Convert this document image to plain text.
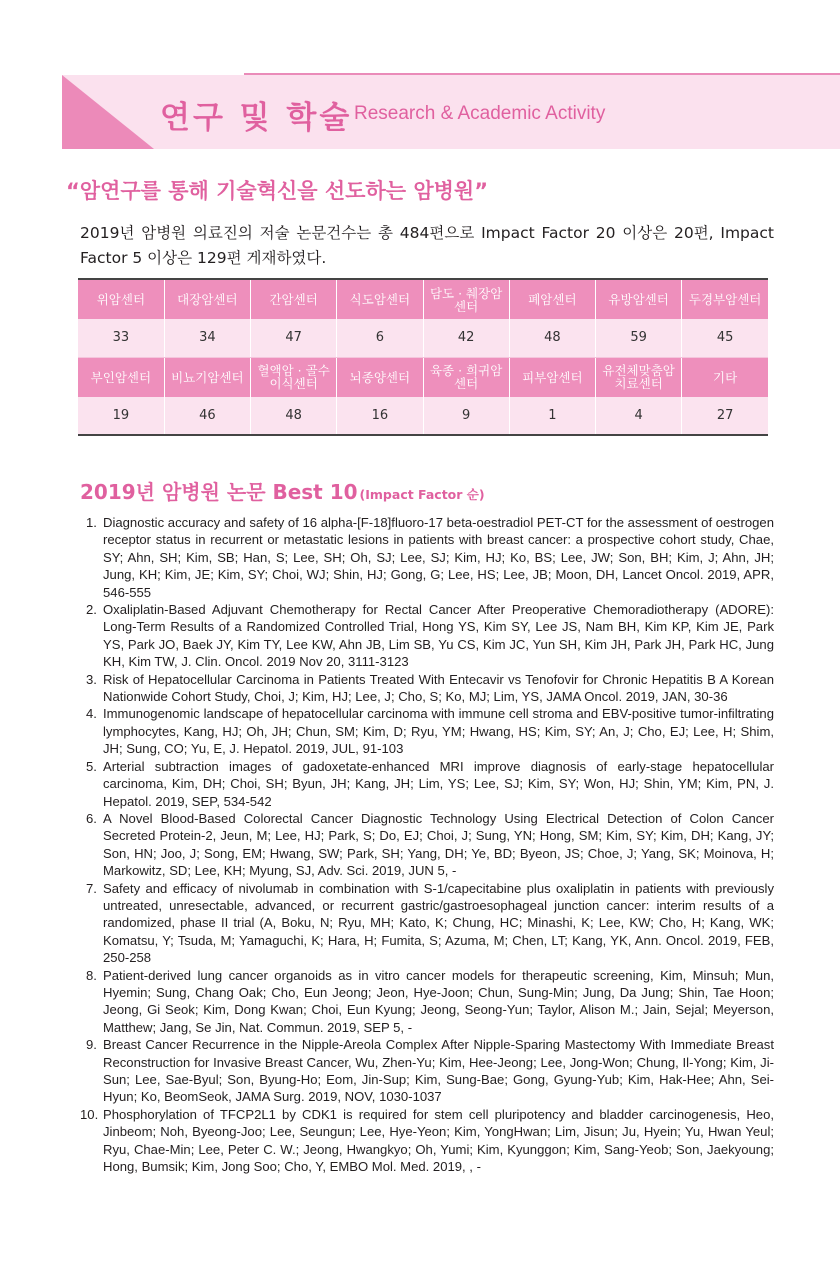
연구 및 학술 Research & Academic Activity
“암연구를 통해 기술혁신을 선도하는 암병원”

2019년 암병원 의료진의 저술 논문건수는 총 484편으로 Impact Factor 20 이상은 20편, Impact Factor 5 이상은 129편 게재하였다.

위암센터	대장암센터	간암센터	식도암센터	담도 · 췌장암 센터	폐암센터	유방암센터	두경부암센터
33	34	47	6	42	48	59	45
부인암센터	비뇨기암센터	혈액암 · 골수 이식센터	뇌종양센터	육종 · 희귀암 센터	피부암센터	유전체맞춤암 치료센터	기타
19	46	48	16	9	1	4	27
2019년 암병원 논문 Best 10 (Impact Factor 순)
1. Diagnostic accuracy and safety of 16 alpha-[F-18]fluoro-17 beta-oestradiol PET-CT for the assessment of oestrogen receptor status in recurrent or metastatic lesions in patients with breast cancer: a prospective cohort study, Chae, SY; Ahn, SH; Kim, SB; Han, S; Lee, SH; Oh, SJ; Lee, SJ; Kim, HJ; Ko, BS; Lee, JW; Son, BH; Kim, J; Ahn, JH; Jung, KH; Kim, JE; Kim, SY; Choi, WJ; Shin, HJ; Gong, G; Lee, HS; Lee, JB; Moon, DH, Lancet Oncol. 2019, APR, 546-555
2. Oxaliplatin-Based Adjuvant Chemotherapy for Rectal Cancer After Preoperative Chemoradiotherapy (ADORE): Long-Term Results of a Randomized Controlled Trial, Hong YS, Kim SY, Lee JS, Nam BH, Kim KP, Kim JE, Park YS, Park JO, Baek JY, Kim TY, Lee KW, Ahn JB, Lim SB, Yu CS, Kim JC, Yun SH, Kim JH, Park JH, Park HC, Jung KH, Kim TW, J. Clin. Oncol. 2019 Nov 20, 3111-3123
3. Risk of Hepatocellular Carcinoma in Patients Treated With Entecavir vs Tenofovir for Chronic Hepatitis B A Korean Nationwide Cohort Study, Choi, J; Kim, HJ; Lee, J; Cho, S; Ko, MJ; Lim, YS, JAMA Oncol. 2019, JAN, 30-36
4. Immunogenomic landscape of hepatocellular carcinoma with immune cell stroma and EBV-positive tumor-infiltrating lymphocytes, Kang, HJ; Oh, JH; Chun, SM; Kim, D; Ryu, YM; Hwang, HS; Kim, SY; An, J; Cho, EJ; Lee, H; Shim, JH; Sung, CO; Yu, E, J. Hepatol. 2019, JUL, 91-103
5. Arterial subtraction images of gadoxetate-enhanced MRI improve diagnosis of early-stage hepatocellular carcinoma, Kim, DH; Choi, SH; Byun, JH; Kang, JH; Lim, YS; Lee, SJ; Kim, SY; Won, HJ; Shin, YM; Kim, PN, J. Hepatol. 2019, SEP, 534-542
6. A Novel Blood-Based Colorectal Cancer Diagnostic Technology Using Electrical Detection of Colon Cancer Secreted Protein-2, Jeun, M; Lee, HJ; Park, S; Do, EJ; Choi, J; Sung, YN; Hong, SM; Kim, SY; Kim, DH; Kang, JY; Son, HN; Joo, J; Song, EM; Hwang, SW; Park, SH; Yang, DH; Ye, BD; Byeon, JS; Choe, J; Yang, SK; Moinova, H; Markowitz, SD; Lee, KH; Myung, SJ, Adv. Sci. 2019, JUN 5, -
7. Safety and efficacy of nivolumab in combination with S-1/capecitabine plus oxaliplatin in patients with previously untreated, unresectable, advanced, or recurrent gastric/gastroesophageal junction cancer: interim results of a randomized, phase II trial (A, Boku, N; Ryu, MH; Kato, K; Chung, HC; Minashi, K; Lee, KW; Cho, H; Kang, WK; Komatsu, Y; Tsuda, M; Yamaguchi, K; Hara, H; Fumita, S; Azuma, M; Chen, LT; Kang, YK, Ann. Oncol. 2019, FEB, 250-258
8. Patient-derived lung cancer organoids as in vitro cancer models for therapeutic screening, Kim, Minsuh; Mun, Hyemin; Sung, Chang Oak; Cho, Eun Jeong; Jeon, Hye-Joon; Chun, Sung-Min; Jung, Da Jung; Shin, Tae Hoon; Jeong, Gi Seok; Kim, Dong Kwan; Choi, Eun Kyung; Jeong, Seong-Yun; Taylor, Alison M.; Jain, Sejal; Meyerson, Matthew; Jang, Se Jin, Nat. Commun. 2019, SEP 5, -
9. Breast Cancer Recurrence in the Nipple-Areola Complex After Nipple-Sparing Mastectomy With Immediate Breast Reconstruction for Invasive Breast Cancer, Wu, Zhen-Yu; Kim, Hee-Jeong; Lee, Jong-Won; Chung, Il-Yong; Kim, Ji-Sun; Lee, Sae-Byul; Son, Byung-Ho; Eom, Jin-Sup; Kim, Sung-Bae; Gong, Gyung-Yub; Kim, Hak-Hee; Ahn, Sei-Hyun; Ko, BeomSeok, JAMA Surg. 2019, NOV, 1030-1037
10. Phosphorylation of TFCP2L1 by CDK1 is required for stem cell pluripotency and bladder carcinogenesis, Heo, Jinbeom; Noh, Byeong-Joo; Lee, Seungun; Lee, Hye-Yeon; Kim, YongHwan; Lim, Jisun; Ju, Hyein; Yu, Hwan Yeul; Ryu, Chae-Min; Lee, Peter C. W.; Jeong, Hwangkyo; Oh, Yumi; Kim, Kyunggon; Kim, Sang-Yeob; Son, Jaekyoung; Hong, Bumsik; Kim, Jong Soo; Cho, Y, EMBO Mol. Med. 2019, , -
